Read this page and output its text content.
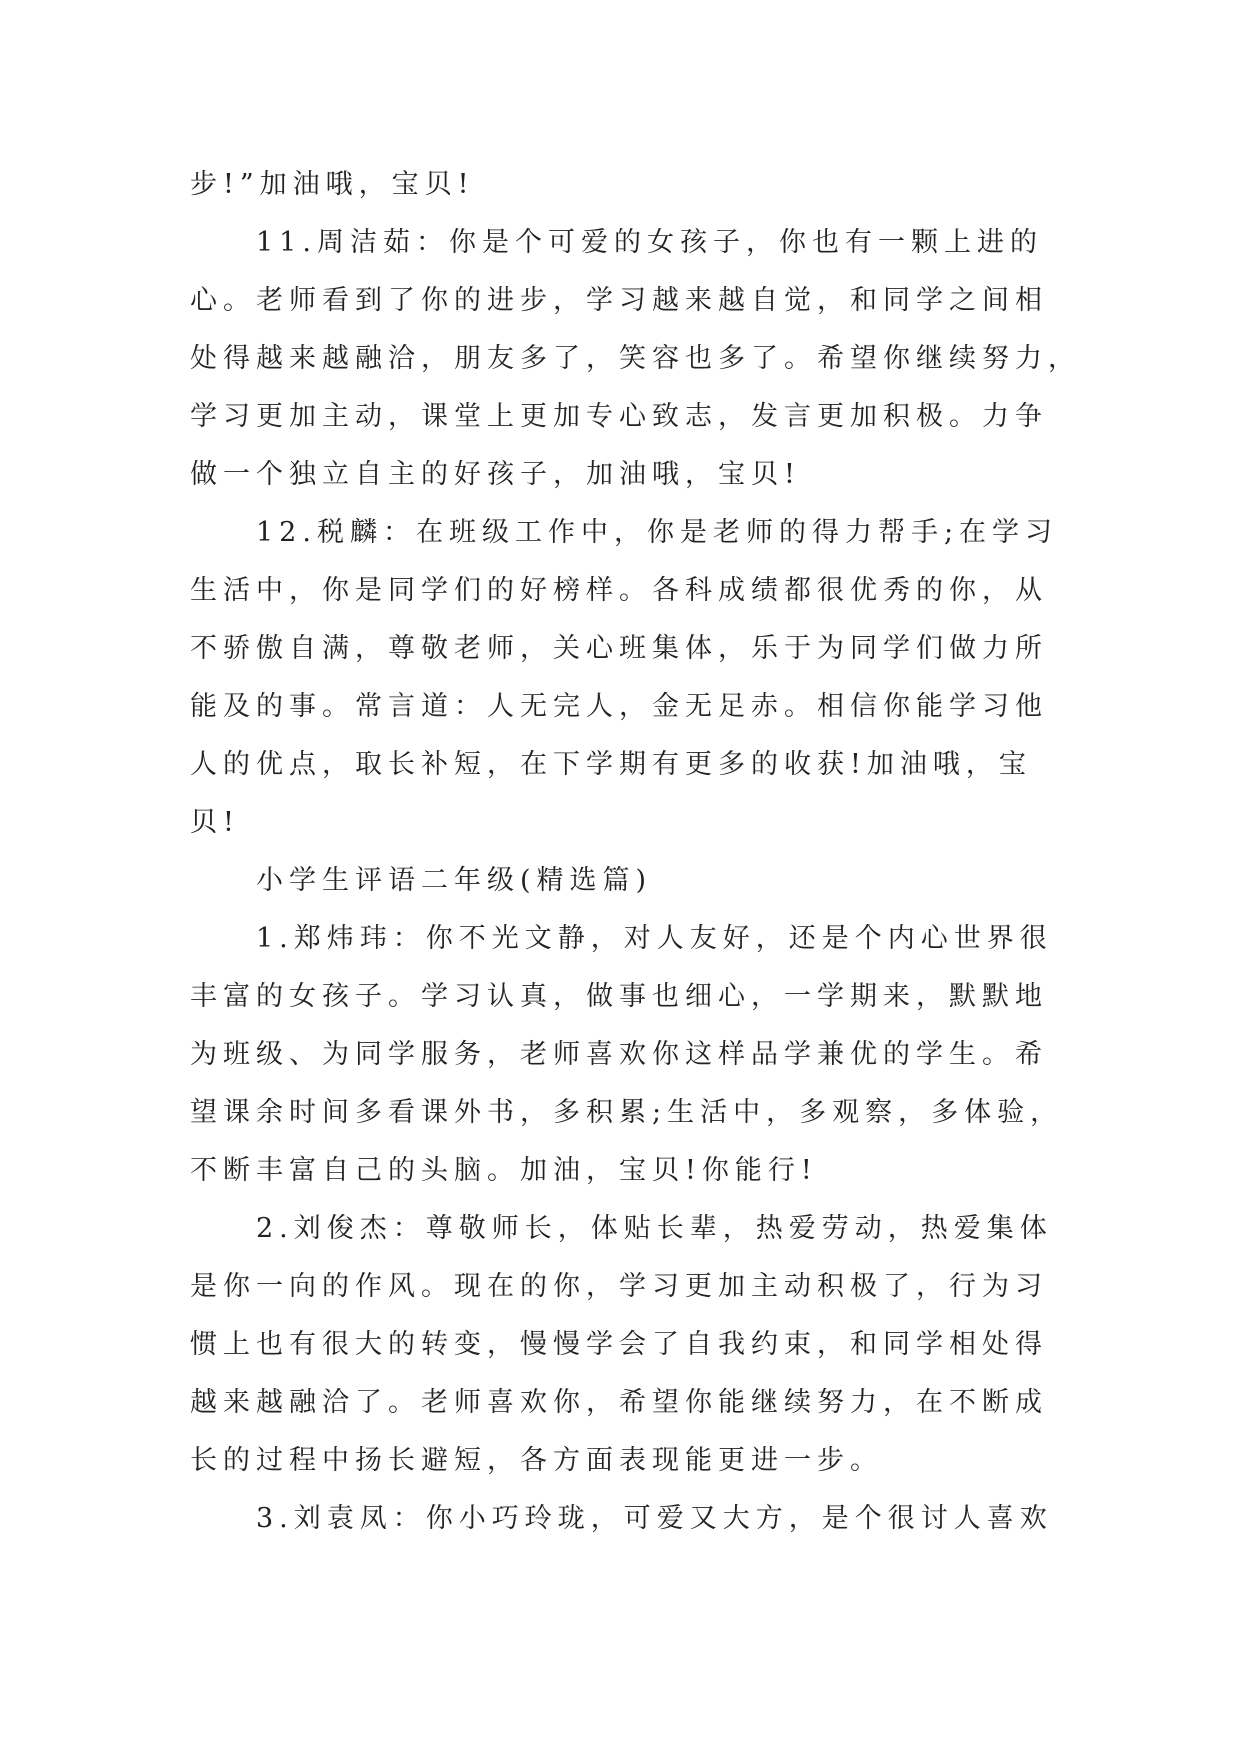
步!”加油哦，宝贝!
11.周洁茹：你是个可爱的女孩子，你也有一颗上进的
心。老师看到了你的进步，学习越来越自觉，和同学之间相
处得越来越融洽，朋友多了，笑容也多了。希望你继续努力，
学习更加主动，课堂上更加专心致志，发言更加积极。力争
做一个独立自主的好孩子，加油哦，宝贝!
12.税麟：在班级工作中，你是老师的得力帮手;在学习
生活中，你是同学们的好榜样。各科成绩都很优秀的你，从
不骄傲自满，尊敬老师，关心班集体，乐于为同学们做力所
能及的事。常言道：人无完人，金无足赤。相信你能学习他
人的优点，取长补短，在下学期有更多的收获!加油哦，宝
贝!
小学生评语二年级(精选篇)
1.郑炜玮：你不光文静，对人友好，还是个内心世界很
丰富的女孩子。学习认真，做事也细心，一学期来，默默地
为班级、为同学服务，老师喜欢你这样品学兼优的学生。希
望课余时间多看课外书，多积累;生活中，多观察，多体验，
不断丰富自己的头脑。加油，宝贝!你能行!
2.刘俊杰：尊敬师长，体贴长辈，热爱劳动，热爱集体
是你一向的作风。现在的你，学习更加主动积极了，行为习
惯上也有很大的转变，慢慢学会了自我约束，和同学相处得
越来越融洽了。老师喜欢你，希望你能继续努力，在不断成
长的过程中扬长避短，各方面表现能更进一步。
3.刘袁凤：你小巧玲珑，可爱又大方，是个很讨人喜欢
